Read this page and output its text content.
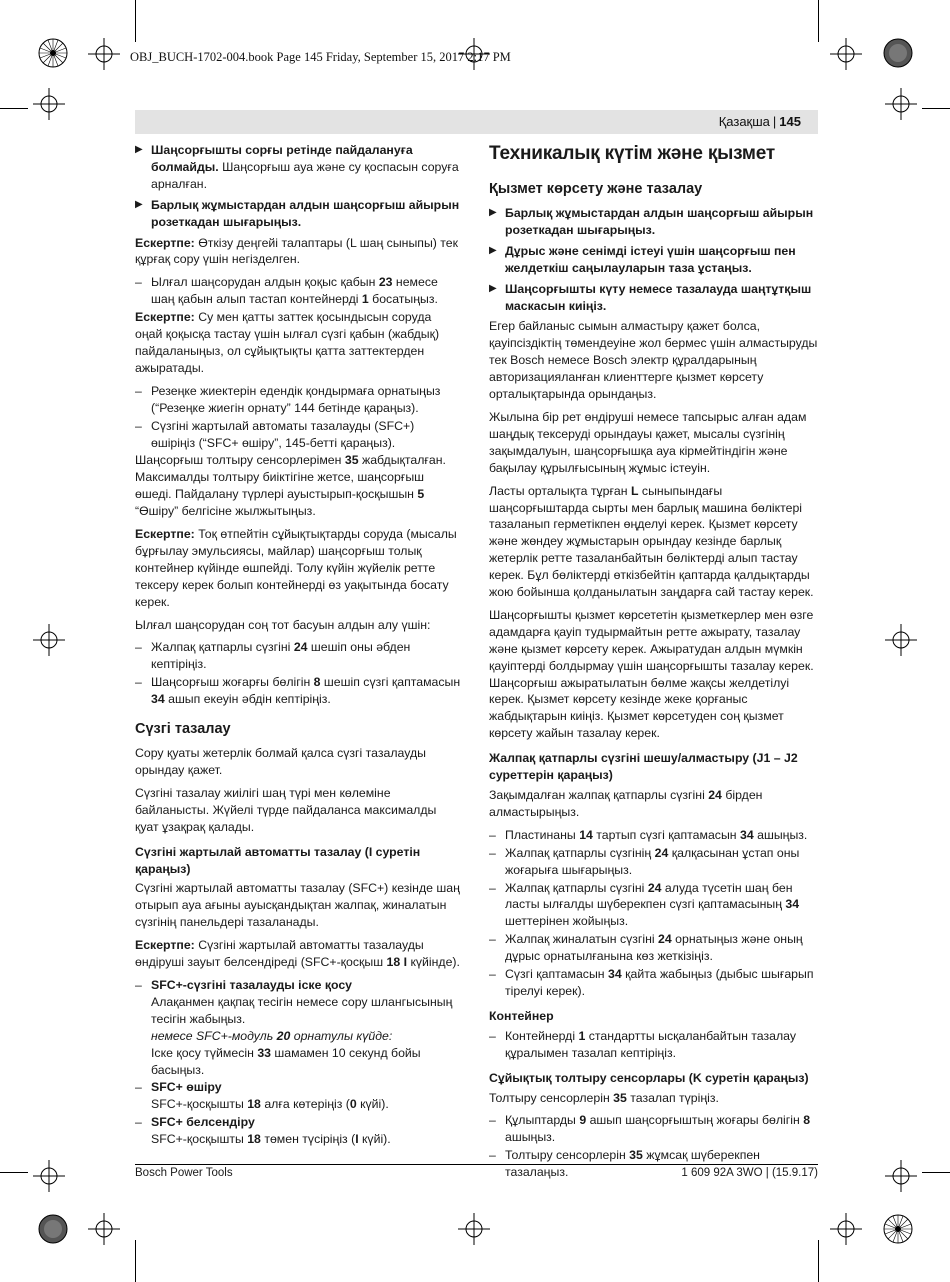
OBJ_BUCH-1702-004.book Page 145 Friday, September 15, 2017 2:17 PM
Қазақша | 145
▶ Шаңсорғышты сорғы ретінде пайдалануға болмайды. Шаңсорғыш ауа және су қоспасын соруға арналған.
▶ Барлық жұмыстардан алдын шаңсорғыш айырын розеткадан шығарыңыз.

Ескертпе: Өткізу деңгейі талаптары (L шаң сыныпы) тек құрғақ сору үшін негізделген.

– Ылғал шаңсорудан алдын қоқыс қабын 23 немесе шаң қабын алып тастап контейнерді 1 босатыңыз.

Ескертпе: Су мен қатты заттек қосындысын соруда оңай қоқысқа тастау үшін ылғал сүзгі қабын (жабдық) пайдаланыңыз, ол сұйықтықты қатта заттектерден ажыратады.

– Резеңке жиектерін едендік қондырмаға орнатыңыз (“Резеңке жиегін орнату” 144 бетінде қараңыз).
– Сүзгіні жартылай автоматы тазалауды (SFC+) өшіріңіз (“SFC+ өшіру”, 145-бетті қараңыз).

Шаңсорғыш толтыру сенсорлерімен 35 жабдықталған. Максималды толтыру биіктігіне жетсе, шаңсорғыш өшеді. Пайдалану түрлері ауыстырып-қосқышын 5 “Өшіру” белгісіне жылжытыңыз.

Ескертпе: Тоқ өтпейтін сұйықтықтарды соруда (мысалы бұрғылау эмульсиясы, майлар) шаңсорғыш толық контейнер күйінде өшпейді. Толу күйін жүйелік ретте тексеру керек болып контейнерді өз уақытында босату керек.

Ылғал шаңсорудан соң тот басуын алдын алу үшін:

– Жалпақ қатпарлы сүзгіні 24 шешіп оны әбден кептіріңіз.
– Шаңсорғыш жоғарғы бөлігін 8 шешіп сүзгі қаптамасын 34 ашып екеуін әбдін кептіріңіз.

Сүзгі тазалау

Сору қуаты жетерлік болмай қалса сүзгі тазалауды орындау қажет.

Сүзгіні тазалау жиілігі шаң түрі мен көлеміне байланысты. Жүйелі түрде пайдаланса максималды қуат ұзақрақ қалады.

Сүзгіні жартылай автоматты тазалау (I суретін қараңыз)

Сүзгіні жартылай автоматты тазалау (SFC+) кезінде шаң отырып ауа ағыны ауысқандықтан жалпақ, жиналатын сүзгінің панельдері тазаланады.

Ескертпе: Сүзгіні жартылай автоматты тазалауды өндіруші зауыт белсендіреді (SFC+-қосқыш 18 I күйінде).

– SFC+-сүзгіні тазалауды іске қосу
Алақанмен қақпақ тесігін немесе сору шлангысының тесігін жабыңыз.
немесе SFC+-модуль 20 орнатулы күйде:
Іске қосу түймесін 33 шамамен 10 секунд бойы басыңыз.
– SFC+ өшіру
SFC+-қосқышты 18 алға көтеріңіз (0 күйі).
– SFC+ белсендіру
SFC+-қосқышты 18 төмен түсіріңіз (I күйі).

Техникалық күтім және қызмет

Қызмет көрсету және тазалау

▶ Барлық жұмыстардан алдын шаңсорғыш айырын розеткадан шығарыңыз.
▶ Дұрыс және сенімді істеуі үшін шаңсорғыш пен желдеткіш саңылауларын таза ұстаңыз.
▶ Шаңсорғышты күту немесе тазалауда шаңтұтқыш маскасын киіңіз.

Егер байланыс сымын алмастыру қажет болса, қауіпсіздіктің төмендеуіне жол бермес үшін алмастыруды тек Bosch немесе Bosch электр құралдарының авторизацияланған клиенттерге қызмет көрсету орталықтарында орындаңыз.

Жылына бір рет өндіруші немесе тапсырыс алған адам шаңдық тексеруді орындауы қажет, мысалы сүзгінің зақымдалуын, шаңсорғышқа ауа кірмейтіндігін және бақылау құрылғысының жұмыс істеуін.

Ласты орталықта тұрған L сыныпындағы шаңсорғыштарда сырты мен барлық машина бөліктері тазаланып герметікпен өңделуі керек. Қызмет көрсету және жөндеу жұмыстарын орындау кезінде барлық жетерлік ретте тазаланбайтын бөліктерді алып тастау керек. Бұл бөліктерді өткізбейтін қаптарда қалдықтарды жою бойынша қолданылатын заңдарға сай тастау керек.

Шаңсорғышты қызмет көрсететін қызметкерлер мен өзге адамдарға қауіп тудырмайтын ретте ажырату, тазалау және қызмет көрсету керек. Ажыратудан алдын мүмкін қауіптерді болдырмау үшін шаңсорғышты тазалау керек. Шаңсорғыш ажыратылатын бөлме жақсы желдетілуі керек. Қызмет көрсету кезінде жеке қорғаныс жабдықтарын киіңіз. Қызмет көрсетуден соң қызмет көрсету жайын тазалау керек.

Жалпақ қатпарлы сүзгіні шешу/алмастыру (J1 – J2 суреттерін қараңыз)

Зақымдалған жалпақ қатпарлы сүзгіні 24 бірден алмастырыңыз.

– Пластинаны 14 тартып сүзгі қаптамасын 34 ашыңыз.
– Жалпақ қатпарлы сүзгінің 24 қалқасынан ұстап оны жоғарыға шығарыңыз.
– Жалпақ қатпарлы сүзгіні 24 алуда түсетін шаң бен ласты ылғалды шүберекпен сүзгі қаптамасының 34 шеттерінен жойыңыз.
– Жалпақ жиналатын сүзгіні 24 орнатыңыз және оның дұрыс орнатылғанына көз жеткізіңіз.
– Сүзгі қаптамасын 34 қайта жабыңыз (дыбыс шығарып тірелуі керек).

Контейнер

– Контейнерді 1 стандартты ысқаланбайтын тазалау құралымен тазалап кептіріңіз.

Сұйықтық толтыру сенсорлары (K суретін қараңыз)

Толтыру сенсорлерін 35 тазалап түріңіз.

– Құлыптарды 9 ашып шаңсорғыштың жоғары бөлігін 8 ашыңыз.
– Толтыру сенсорлерін 35 жұмсақ шүберекпен тазалаңыз.
Bosch Power Tools	1 609 92A 3WO | (15.9.17)
